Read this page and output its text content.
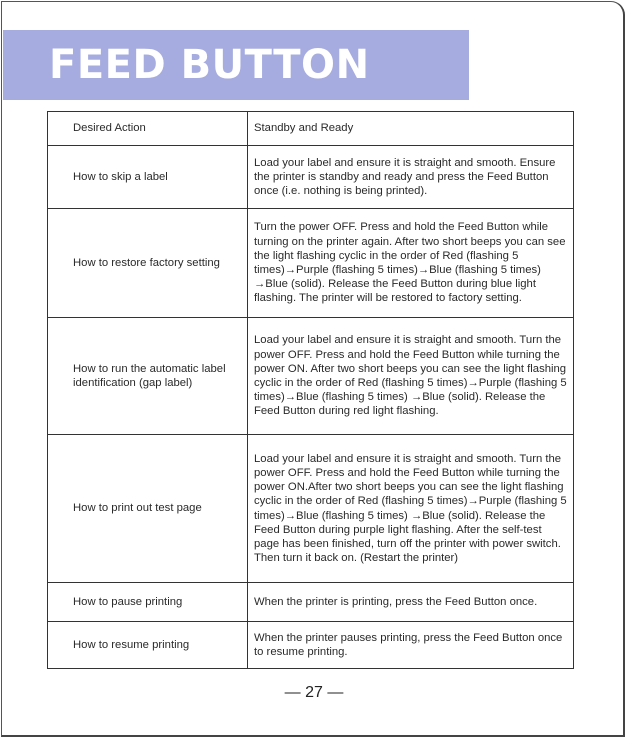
FEED BUTTON
Desired Action	Standby and Ready
How to skip a label	Load your label and ensure it is straight and smooth. Ensure the printer is standby and ready and press the Feed Button once (i.e. nothing is being printed).
How to restore factory setting	Turn the power OFF. Press and hold the Feed Button while turning on the printer again. After two short beeps you can see the light flashing cyclic in the order of Red (flashing 5 times)→Purple (flashing 5 times)→Blue (flashing 5 times) →Blue (solid). Release the Feed Button during blue light flashing. The printer will be restored to factory setting.
How to run the automatic label identification (gap label)	Load your label and ensure it is straight and smooth. Turn the power OFF. Press and hold the Feed Button while turning the power ON. After two short beeps you can see the light flashing cyclic in the order of Red (flashing 5 times)→Purple (flashing 5 times)→Blue (flashing 5 times) →Blue (solid). Release the Feed Button during red light flashing.
How to print out test page	Load your label and ensure it is straight and smooth. Turn the power OFF. Press and hold the Feed Button while turning the power ON.After two short beeps you can see the light flashing cyclic in the order of Red (flashing 5 times)→Purple (flashing 5 times)→Blue (flashing 5 times) →Blue (solid). Release the Feed Button during purple light flashing. After the self-test page has been finished, turn off the printer with power switch. Then turn it back on. (Restart the printer)
How to pause printing	When the printer is printing, press the Feed Button once.
How to resume printing	When the printer pauses printing, press the Feed Button once to resume printing.
— 27 —
